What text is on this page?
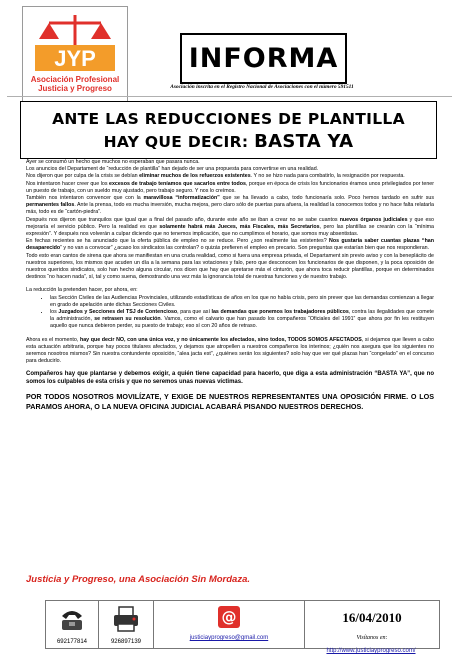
JYP
Asociación Profesional
Justicia y Progreso
INFORMA
Asociación inscrita en el Registro Nacional de Asociaciones con el número 591511
ANTE LAS REDUCCIONES DE PLANTILLA
HAY QUE DECIR: BASTA YA

Ayer se consumó un hecho que muchos no esperaban que pasara nunca.

Los anuncios del Departament de “reducción de plantilla” han dejado de ser una propuesta para convertirse en una realidad.

Nos dijeron que por culpa de la crisis se debían eliminar muchos de los refuerzos existentes. Y no se hizo nada para combatirlo, la resignación por respuesta.

Nos intentaron hacer creer que los excesos de trabajo teníamos que sacarlos entre todos, porque en época de crisis los funcionarios éramos unos privilegiados por tener un puesto de trabajo, con un sueldo muy ajustado, pero trabajo seguro. Y nos lo creímos.

También nos intentaron convencer que con la maravillosa “informatización” que se ha llevado a cabo, todo funcionaría solo. Poco hemos tardado en sufrir sus permanentes fallos. Ante la prensa, todo es mucha inversión, mucha mejora, pero claro sólo de puertas para afuera, la realidad la conocemos todos y no hace falta relatarla más, todo es de “cartón-piedra”.

Después nos dijeron que tranquilos que igual que a final del pasado año, durante este año se iban a crear no se sabe cuantos nuevos órganos judiciales y que eso mejoraría el servicio público. Pero la realidad es que solamente habrá más Jueces, más Fiscales, más Secretarios, pero las plantillas se crearán con la “mínima expresión”. Y después nos volverán a culpar diciendo que no tenemos implicación, que no cumplimos el horario, que somos muy absentistas.

En fechas recientes se ha anunciado que la oferta pública de empleo no se reduce. Pero ¿son realmente las existentes? Nos gustaría saber cuantas plazas “han desaparecido” y no van a convocar” ¿acaso los sindicatos las controlan? o quizás prefieren el empleo en precario. Son preguntas que estarían bien que nos respondieran.

Todo esto eran cantos de sirena que ahora se manifiestan en una cruda realidad, como si fuera una empresa privada, el Departament sin previo aviso y con la beneplácito de nuestros superiores, los mismos que acuden un día a la semana para las votaciones y falo, pero que desconocen los funcionarios de que disponen, y la poca oposición de nuestros queridos sindicatos, solo han hecho alguna circular, nos dicen que hay que apretarse más el cinturón, que ahora toca reducir plantillas, porque en determinados destinos “no hacen nada”, sí, tal y como suena, demostrando una vez más la ignorancia total de nuestras funciones y de nuestro trabajo.

La reducción la pretenden hacer, por ahora, en:

• las Sección Civiles de las Audiencias Provinciales, utilizando estadísticas de años en los que no había crisis, pero sin prever que las demandas comienzan a llegar en grado de apelación ante dichas Secciones Civiles.
• los Juzgados y Secciones del TSJ de Contencioso, para que así las demandas que ponemos los trabajadores públicos, contra las ilegalidades que comete la administración, se retrasen su resolución. Vamos, como el calvario que han pasado los compañeros “Oficiales del 1991” que ahora por fin les restituyen aquello que nunca debieron perder, su puesto de trabajo; eso sí con 20 años de retraso.

Ahora es el momento, hay que decir NO, con una única voz, y no únicamente los afectados, sino todos, TODOS SOMOS AFECTADOS, si dejamos que lleven a cabo esta actuación arbitraria, porque hay pocos titulares afectados, y dejamos que atropellen a nuestros compañeros los interinos; ¿quién nos asegura que los siguientes no seremos nosotros mismos? Sin nuestra contundente oposición, “alea jacta est”, ¿quiénes serán los siguientes? solo hay que ver qué plazas han “congelado” en el concurso para deducirlo.

Compañeros hay que plantarse y debemos exigir, a quién tiene capacidad para hacerlo, que diga a esta administración “BASTA YA”, que no somos los culpables de esta crisis y que no seremos unas nuevas víctimas.

POR TODOS NOSOTROS MOVILÍZATE, Y EXIGE DE NUESTROS REPRESENTANTES UNA OPOSICIÓN FIRME. O LOS PARAMOS AHORA, O LA NUEVA OFICINA JUDICIAL ACABARÁ PISANDO NUESTROS DERECHOS.

Justicia y Progreso, una Asociación Sin Mordaza.
692177814	926897139
@
justiciayprogreso@gmail.com
16/04/2010
Visítanos en:
http://www.justiciayprogreso.com/
